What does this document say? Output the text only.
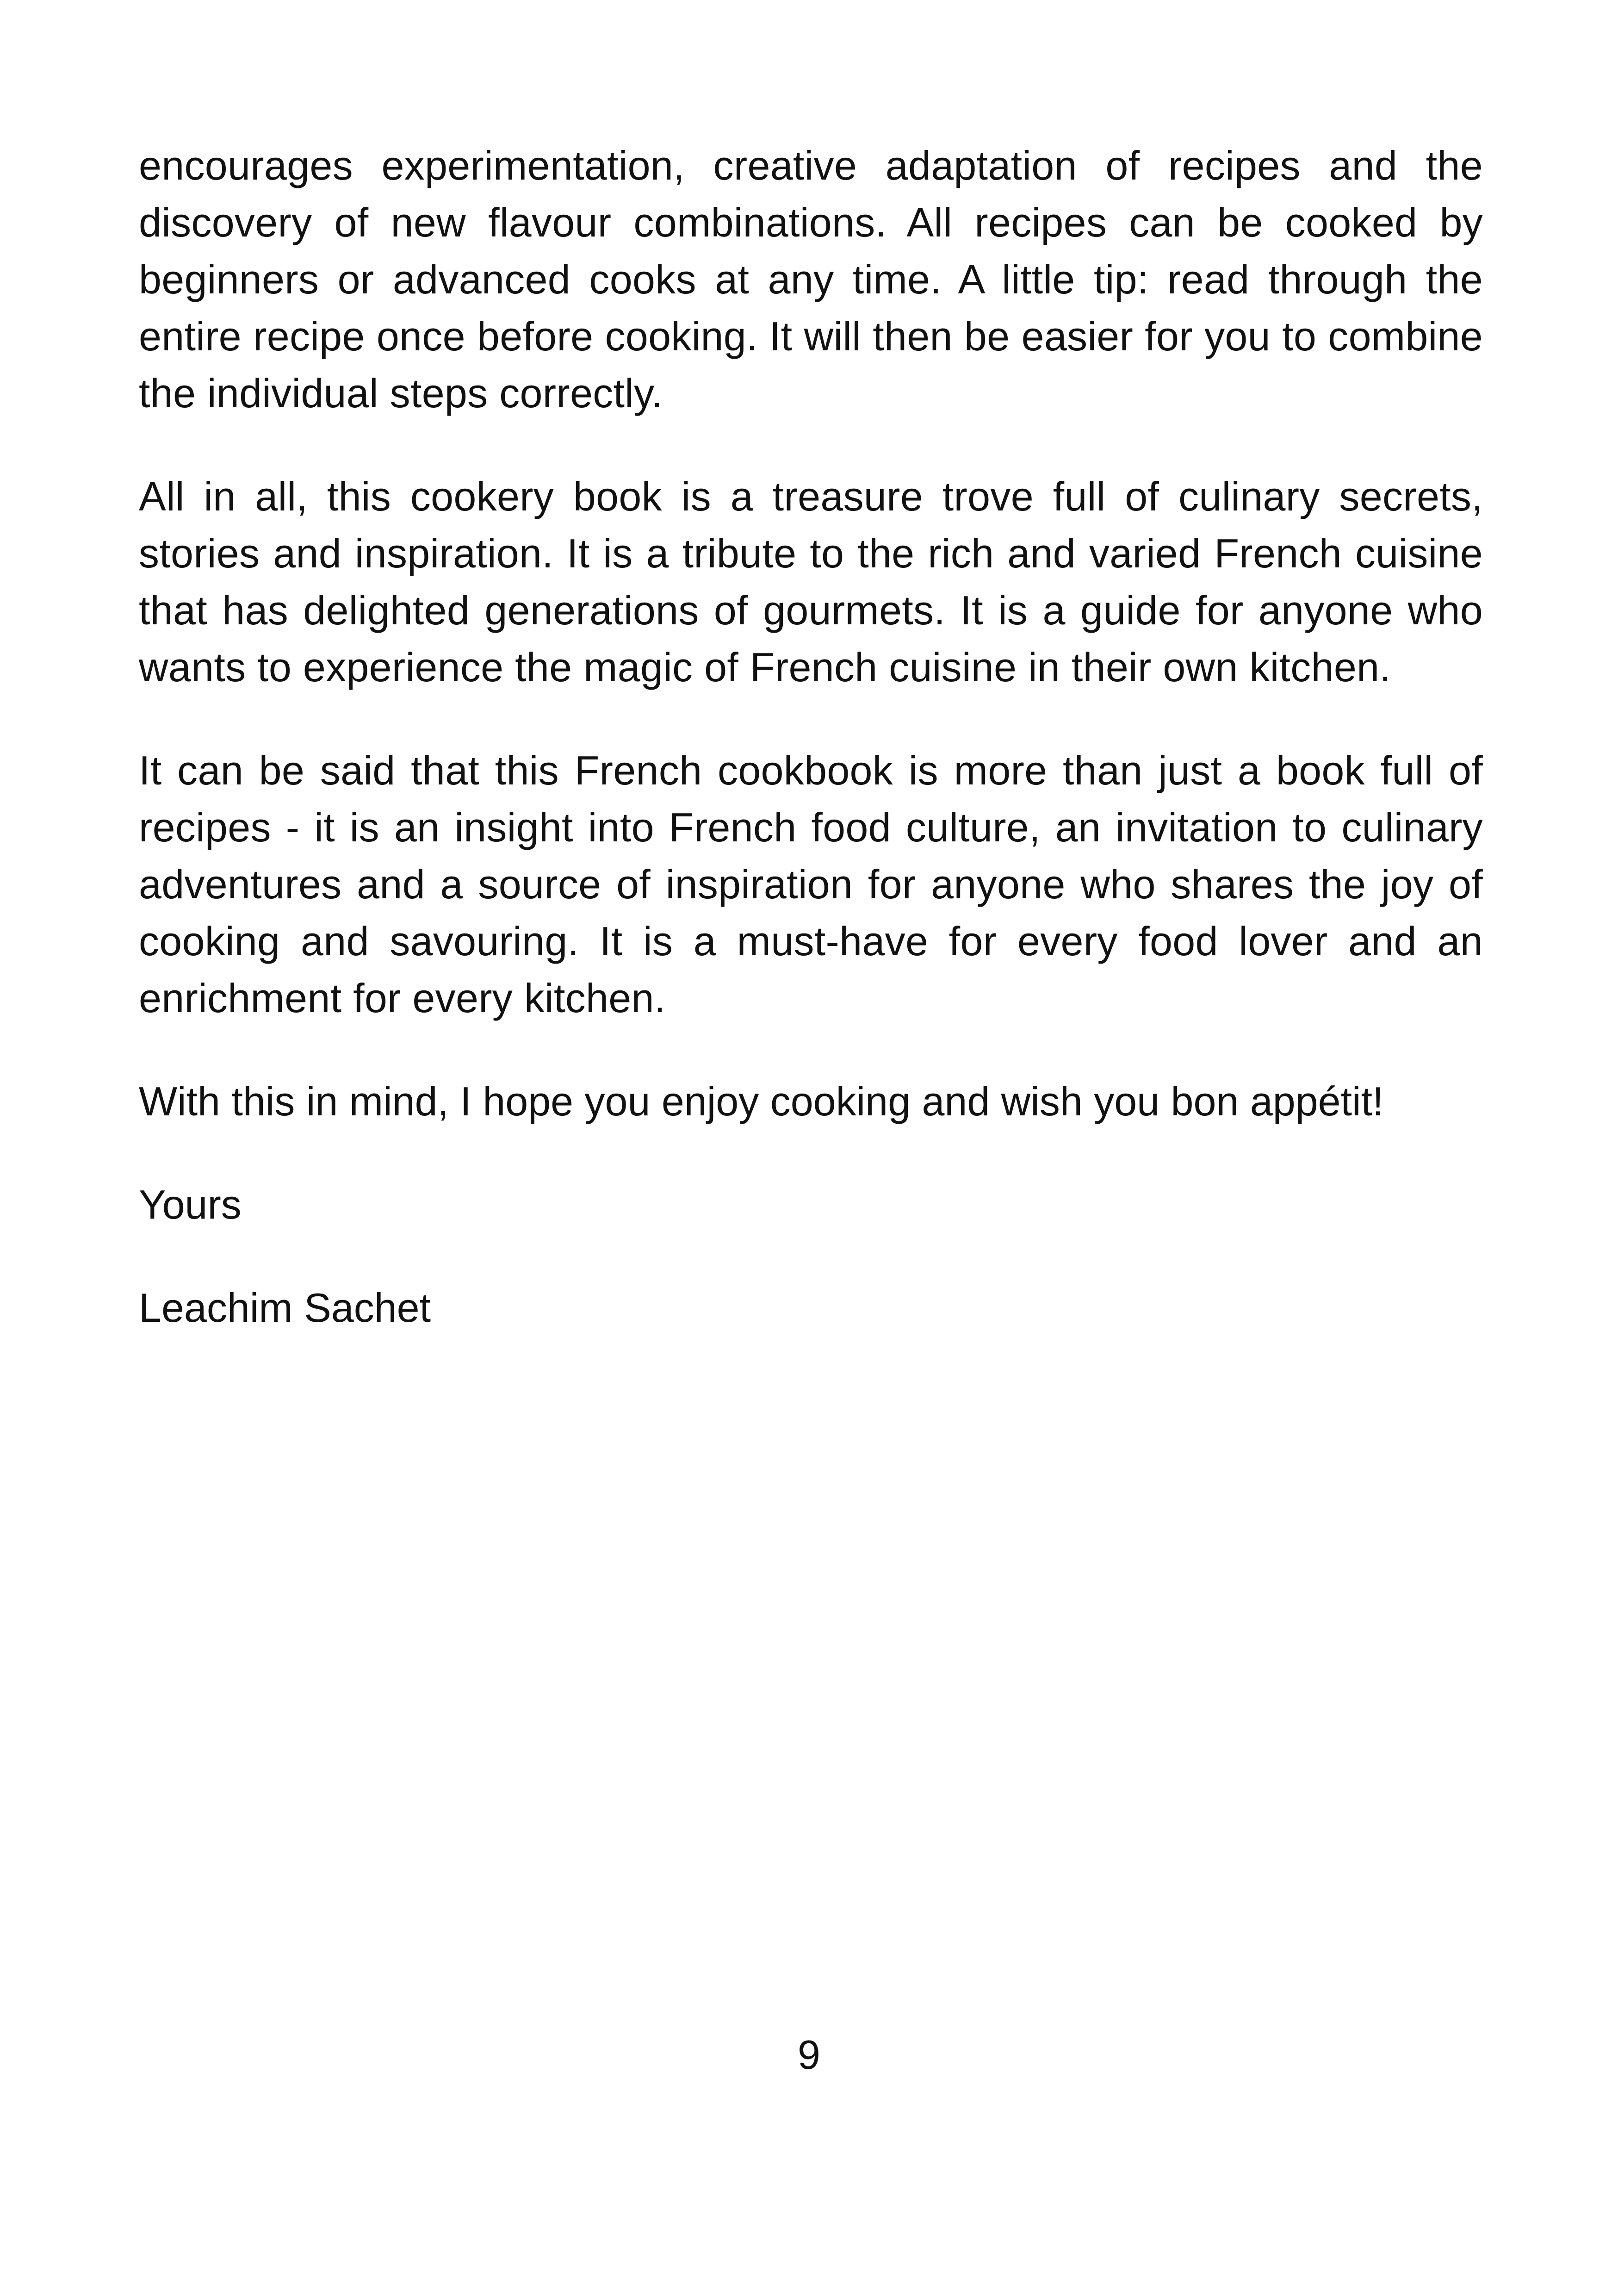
encourages experimentation, creative adaptation of recipes and the discovery of new flavour combinations. All recipes can be cooked by beginners or advanced cooks at any time. A little tip: read through the entire recipe once before cooking. It will then be easier for you to combine the individual steps correctly.

All in all, this cookery book is a treasure trove full of culinary secrets, stories and inspiration. It is a tribute to the rich and varied French cuisine that has delighted generations of gourmets. It is a guide for anyone who wants to experience the magic of French cuisine in their own kitchen.

It can be said that this French cookbook is more than just a book full of recipes - it is an insight into French food culture, an invitation to culinary adventures and a source of inspiration for anyone who shares the joy of cooking and savouring. It is a must-have for every food lover and an enrichment for every kitchen.

With this in mind, I hope you enjoy cooking and wish you bon appétit!

Yours

Leachim Sachet

9
